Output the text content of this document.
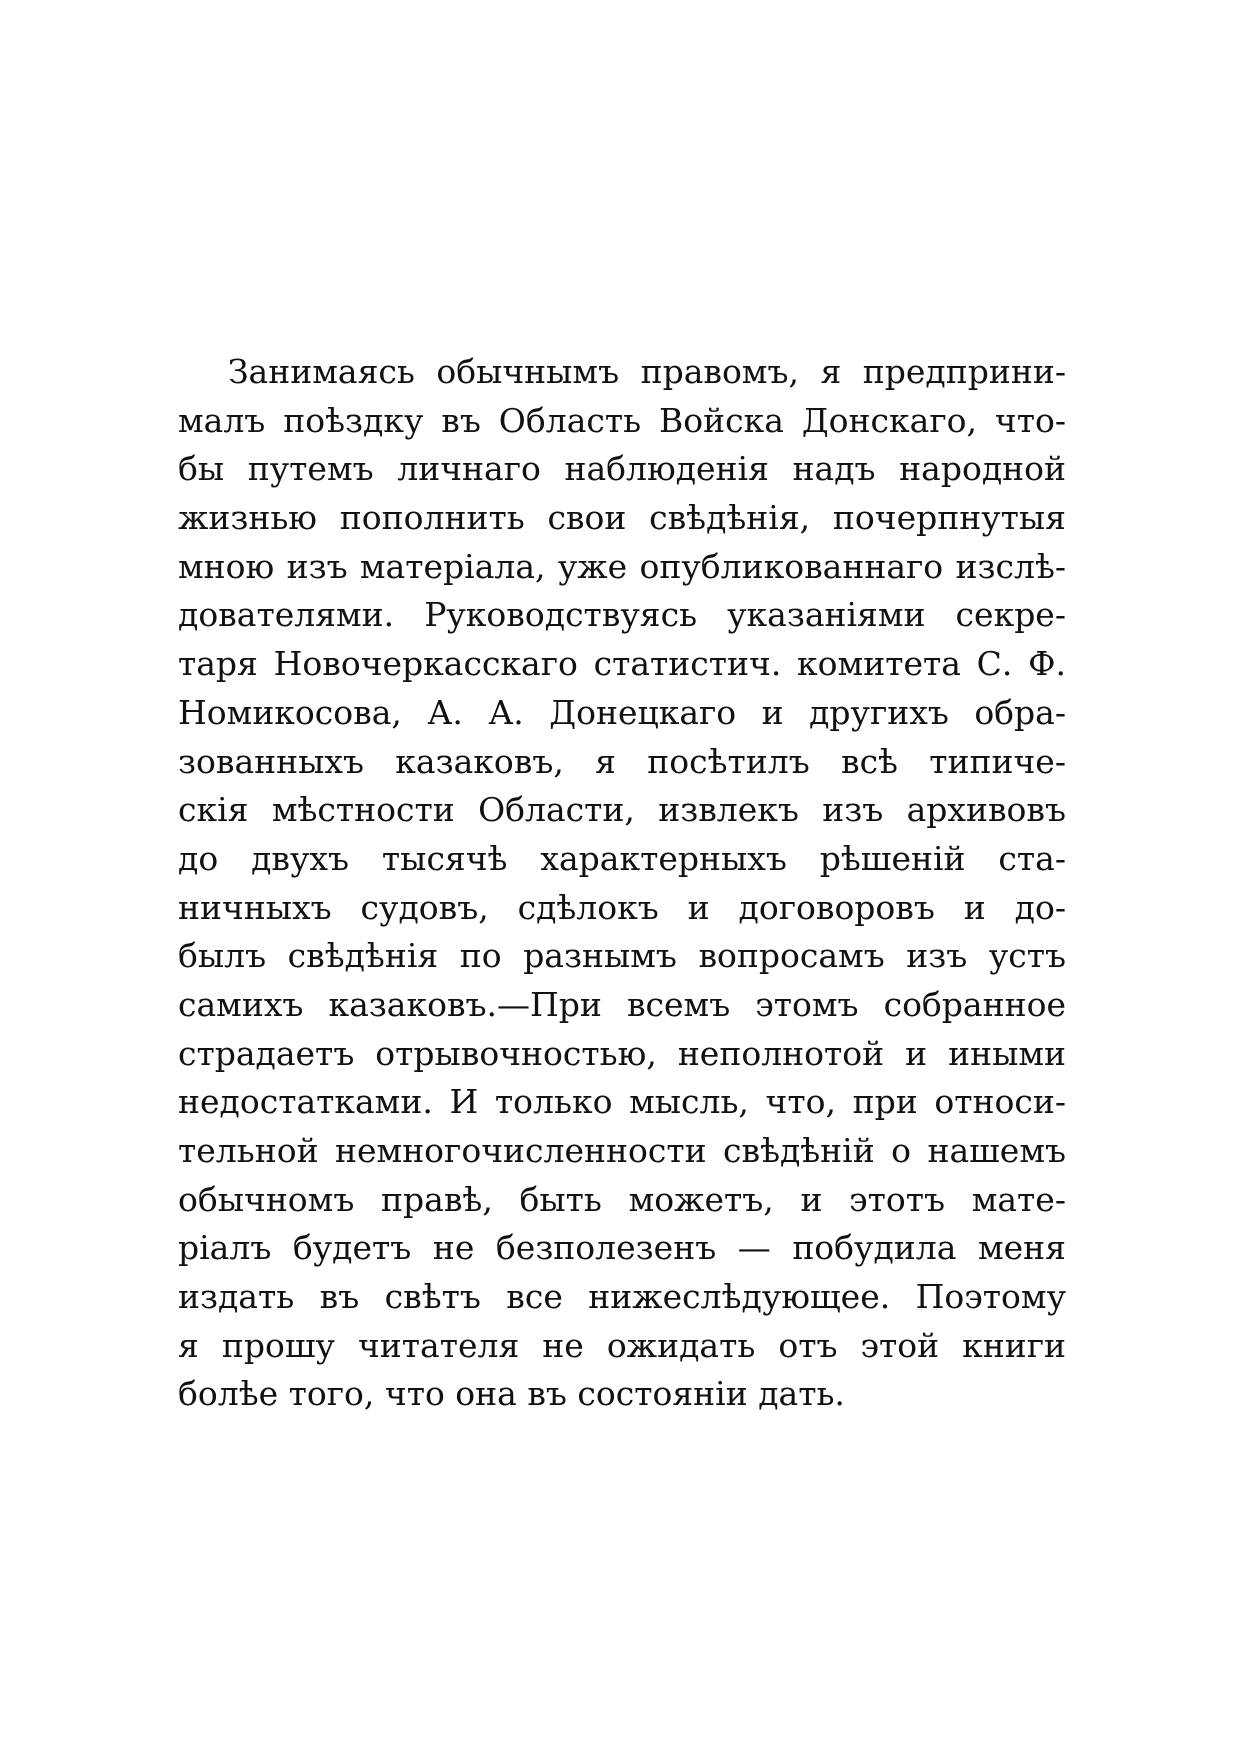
Занимаясь обычнымъ правомъ, я предприни-
малъ поѣздку въ Область Войска Донскаго, что-
бы путемъ личнаго наблюденія надъ народной
жизнью пополнить свои свѣдѣнія, почерпнутыя
мною изъ матеріала, уже опубликованнаго изслѣ-
дователями. Руководствуясь указаніями секре-
таря Новочеркасскаго статистич. комитета С. Ф.
Номикосова, А. А. Донецкаго и другихъ обра-
зованныхъ казаковъ, я посѣтилъ всѣ типиче-
скія мѣстности Области, извлекъ изъ архивовъ
до двухъ тысячѣ характерныхъ рѣшеній ста-
ничныхъ судовъ, сдѣлокъ и договоровъ и до-
былъ свѣдѣнія по разнымъ вопросамъ изъ устъ
самихъ казаковъ.—При всемъ этомъ собранное
страдаетъ отрывочностью, неполнотой и иными
недостатками. И только мысль, что, при относи-
тельной немногочисленности свѣдѣній о нашемъ
обычномъ правѣ, быть можетъ, и этотъ мате-
ріалъ будетъ не безполезенъ — побудила меня
издать въ свѣтъ все нижеслѣдующее. Поэтому
я прошу читателя не ожидать отъ этой книги
болѣе того, что она въ состояніи дать.
